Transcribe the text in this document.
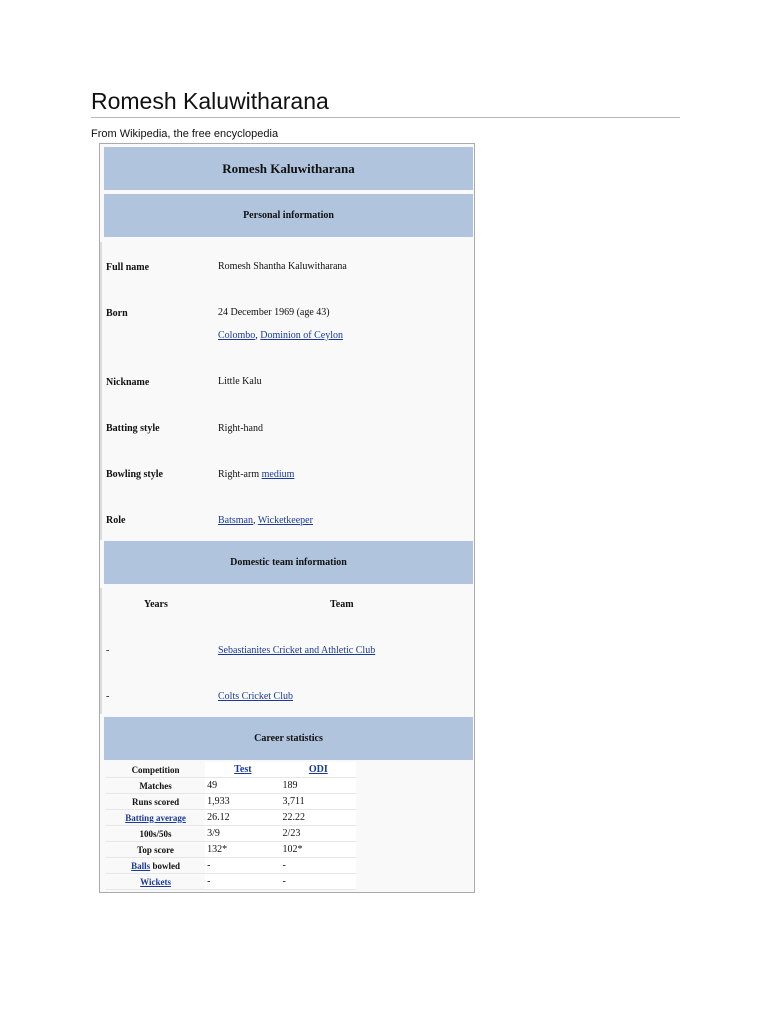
Romesh Kaluwitharana
From Wikipedia, the free encyclopedia
Romesh Kaluwitharana
Personal information
Full name	Romesh Shantha Kaluwitharana
Born	24 December 1969 (age 43)
Colombo, Dominion of Ceylon
Nickname	Little Kalu
Batting style	Right-hand
Bowling style	Right-arm medium
Role	Batsman, Wicketkeeper
Domestic team information
Years	Team
-	Sebastianites Cricket and Athletic Club
-	Colts Cricket Club
Career statistics
Competition	Test	ODI
Matches	49	189
Runs scored	1,933	3,711
Batting average	26.12	22.22
100s/50s	3/9	2/23
Top score	132*	102*
Balls bowled	-	-
Wickets	-	-
